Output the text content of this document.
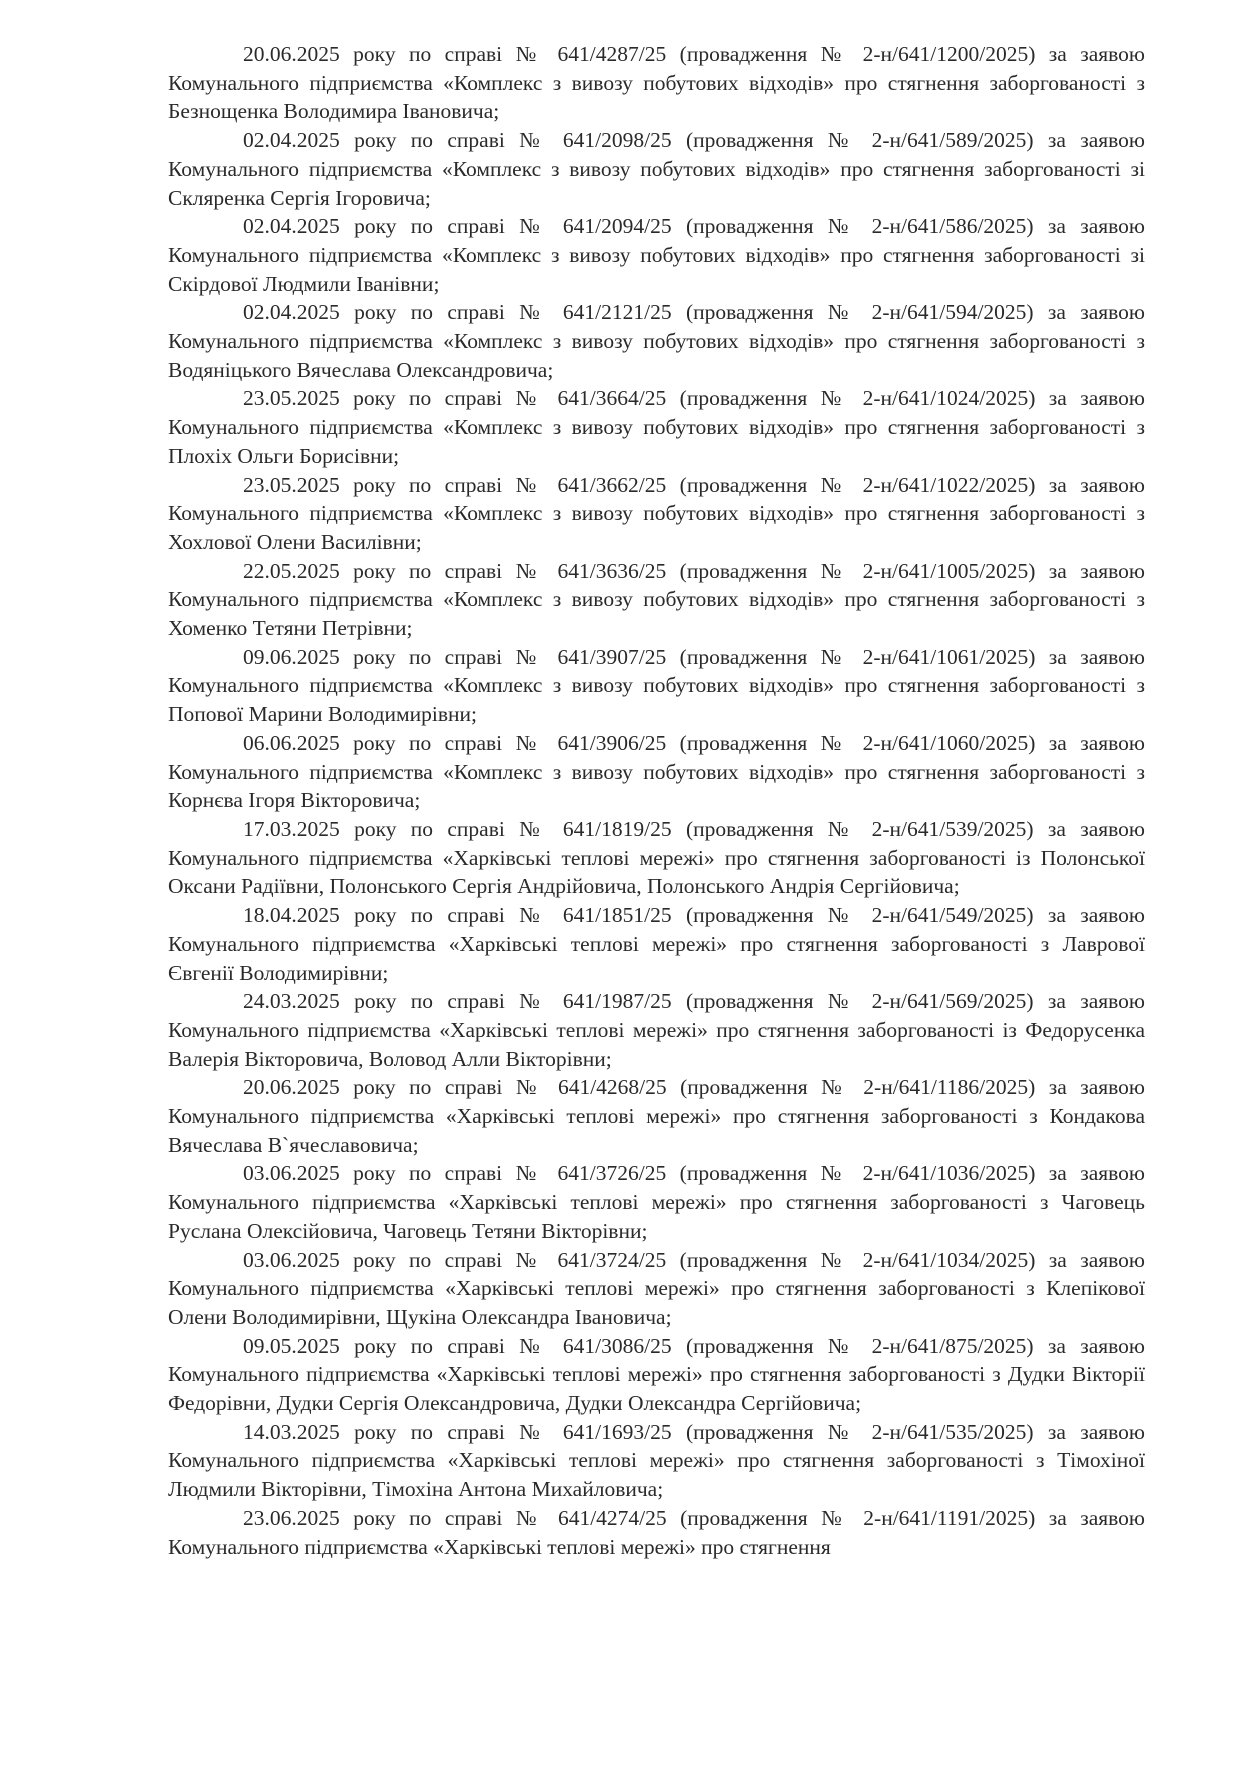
20.06.2025 року по справі № 641/4287/25 (провадження № 2-н/641/1200/2025) за заявою Комунального підприємства «Комплекс з вивозу побутових відходів» про стягнення заборгованості з Безнощенка Володимира Івановича;

02.04.2025 року по справі № 641/2098/25 (провадження № 2-н/641/589/2025) за заявою Комунального підприємства «Комплекс з вивозу побутових відходів» про стягнення заборгованості зі Скляренка Сергія Ігоровича;

02.04.2025 року по справі № 641/2094/25 (провадження № 2-н/641/586/2025) за заявою Комунального підприємства «Комплекс з вивозу побутових відходів» про стягнення заборгованості зі Скірдової Людмили Іванівни;

02.04.2025 року по справі № 641/2121/25 (провадження № 2-н/641/594/2025) за заявою Комунального підприємства «Комплекс з вивозу побутових відходів» про стягнення заборгованості з Водяніцького Вячеслава Олександровича;

23.05.2025 року по справі № 641/3664/25 (провадження № 2-н/641/1024/2025) за заявою Комунального підприємства «Комплекс з вивозу побутових відходів» про стягнення заборгованості з Плохіх Ольги Борисівни;

23.05.2025 року по справі № 641/3662/25 (провадження № 2-н/641/1022/2025) за заявою Комунального підприємства «Комплекс з вивозу побутових відходів» про стягнення заборгованості з Хохлової Олени Василівни;

22.05.2025 року по справі № 641/3636/25 (провадження № 2-н/641/1005/2025) за заявою Комунального підприємства «Комплекс з вивозу побутових відходів» про стягнення заборгованості з Хоменко Тетяни Петрівни;

09.06.2025 року по справі № 641/3907/25 (провадження № 2-н/641/1061/2025) за заявою Комунального підприємства «Комплекс з вивозу побутових відходів» про стягнення заборгованості з Попової Марини Володимирівни;

06.06.2025 року по справі № 641/3906/25 (провадження № 2-н/641/1060/2025) за заявою Комунального підприємства «Комплекс з вивозу побутових відходів» про стягнення заборгованості з Корнєва Ігоря Вікторовича;

17.03.2025 року по справі № 641/1819/25 (провадження № 2-н/641/539/2025) за заявою Комунального підприємства «Харківські теплові мережі» про стягнення заборгованості із Полонської Оксани Радіївни, Полонського Сергія Андрійовича, Полонського Андрія Сергійовича;

18.04.2025 року по справі № 641/1851/25 (провадження № 2-н/641/549/2025) за заявою Комунального підприємства «Харківські теплові мережі» про стягнення заборгованості з Лаврової Євгенії Володимирівни;

24.03.2025 року по справі № 641/1987/25 (провадження № 2-н/641/569/2025) за заявою Комунального підприємства «Харківські теплові мережі» про стягнення заборгованості із Федорусенка Валерія Вікторовича, Воловод Алли Вікторівни;

20.06.2025 року по справі № 641/4268/25 (провадження № 2-н/641/1186/2025) за заявою Комунального підприємства «Харківські теплові мережі» про стягнення заборгованості з Кондакова Вячеслава В`ячеславовича;

03.06.2025 року по справі № 641/3726/25 (провадження № 2-н/641/1036/2025) за заявою Комунального підприємства «Харківські теплові мережі» про стягнення заборгованості з Чаговець Руслана Олексійовича, Чаговець Тетяни Вікторівни;

03.06.2025 року по справі № 641/3724/25 (провадження № 2-н/641/1034/2025) за заявою Комунального підприємства «Харківські теплові мережі» про стягнення заборгованості з Клепікової Олени Володимирівни, Щукіна Олександра Івановича;

09.05.2025 року по справі № 641/3086/25 (провадження № 2-н/641/875/2025) за заявою Комунального підприємства «Харківські теплові мережі» про стягнення заборгованості з Дудки Вікторії Федорівни, Дудки Сергія Олександровича, Дудки Олександра Сергійовича;

14.03.2025 року по справі № 641/1693/25 (провадження № 2-н/641/535/2025) за заявою Комунального підприємства «Харківські теплові мережі» про стягнення заборгованості з Тімохіної Людмили Вікторівни, Тімохіна Антона Михайловича;

23.06.2025 року по справі № 641/4274/25 (провадження № 2-н/641/1191/2025) за заявою Комунального підприємства «Харківські теплові мережі» про стягнення
